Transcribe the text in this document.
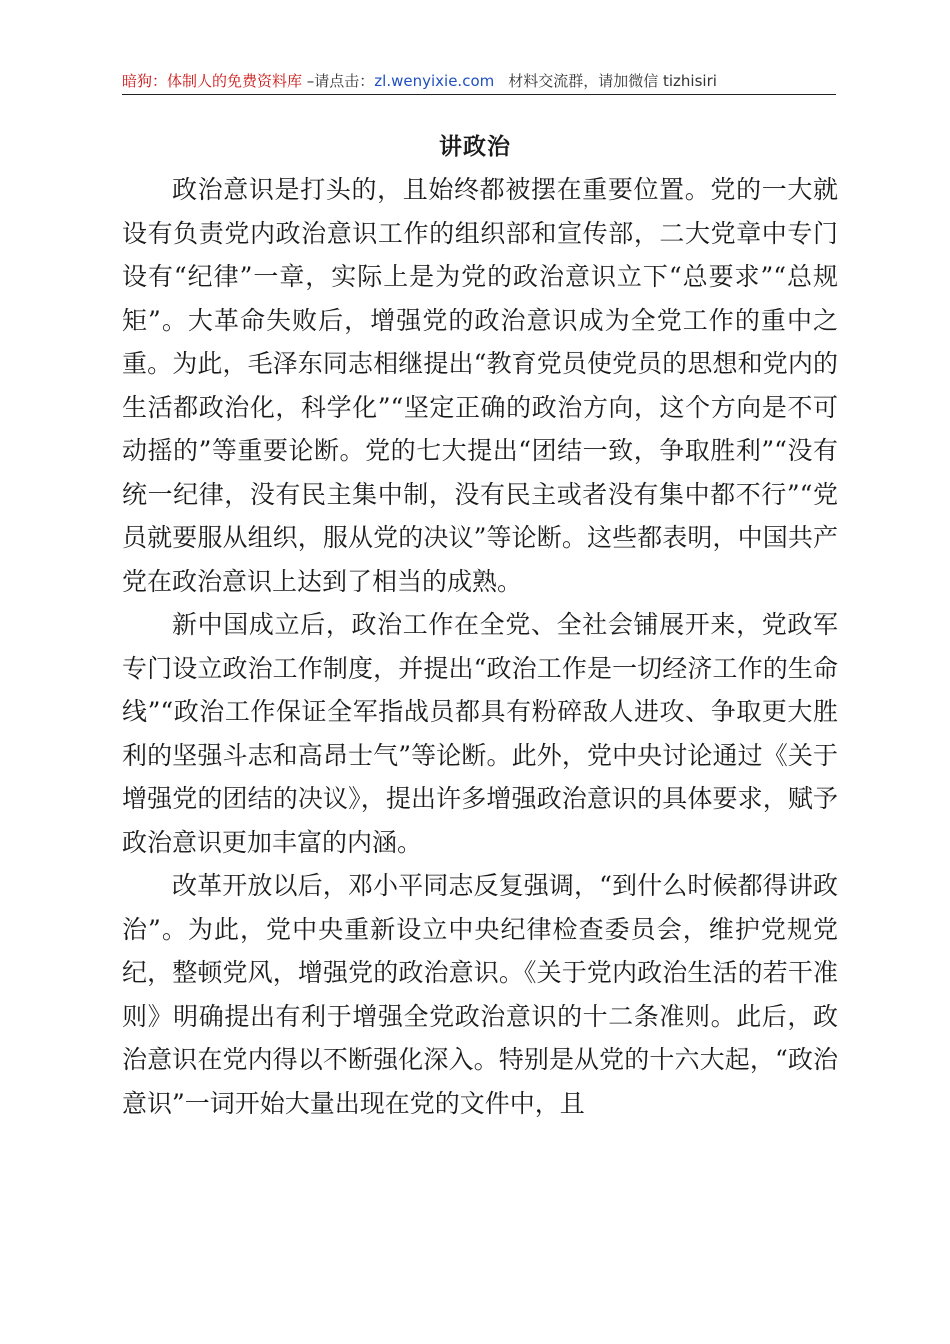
暗狗：体制人的免费资料库 –请点击：zl.wenyixie.com 材料交流群，请加微信 tizhisiri
讲政治

政治意识是打头的，且始终都被摆在重要位置。党的一大就设有负责党内政治意识工作的组织部和宣传部，二大党章中专门设有“纪律”一章，实际上是为党的政治意识立下“总要求”“总规矩”。大革命失败后，增强党的政治意识成为全党工作的重中之重。为此，毛泽东同志相继提出“教育党员使党员的思想和党内的生活都政治化，科学化”“坚定正确的政治方向，这个方向是不可动摇的”等重要论断。党的七大提出“团结一致，争取胜利”“没有统一纪律，没有民主集中制，没有民主或者没有集中都不行”“党员就要服从组织，服从党的决议”等论断。这些都表明，中国共产党在政治意识上达到了相当的成熟。

新中国成立后，政治工作在全党、全社会铺展开来，党政军专门设立政治工作制度，并提出“政治工作是一切经济工作的生命线”“政治工作保证全军指战员都具有粉碎敌人进攻、争取更大胜利的坚强斗志和高昂士气”等论断。此外，党中央讨论通过《关于增强党的团结的决议》，提出许多增强政治意识的具体要求，赋予政治意识更加丰富的内涵。

改革开放以后，邓小平同志反复强调，“到什么时候都得讲政治”。为此，党中央重新设立中央纪律检查委员会，维护党规党纪，整顿党风，增强党的政治意识。《关于党内政治生活的若干准则》明确提出有利于增强全党政治意识的十二条准则。此后，政治意识在党内得以不断强化深入。特别是从党的十六大起，“政治意识”一词开始大量出现在党的文件中，且
